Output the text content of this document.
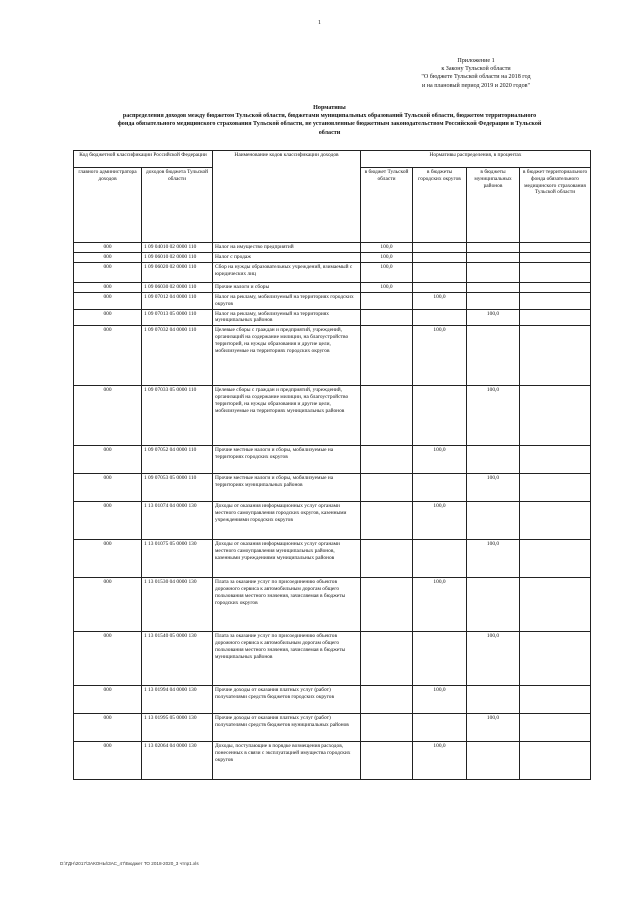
1
Приложение 1
к Закону Тульской области
"О бюджете Тульской области на 2018 год
и на плановый период 2019 и 2020 годов"
Нормативы
распределения доходов между бюджетом Тульской области, бюджетами муниципальных образований Тульской области, бюджетом территориального
фонда обязательного медицинского страхования Тульской области, не установленные бюджетным законодательством Российской Федерации и Тульской
области
Код бюджетной классификации Российской Федерации		Наименование кодов классификации доходов	Нормативы распределения, в процентах			
главного администратора доходов	доходов бюджета Тульской области		в бюджет Тульской области	в бюджеты городских округов	в бюджеты муниципальных районов	в бюджет территориального фонда обязательного медицинского страхования Тульской области
000	1 09 04010 02 0000 110	Налог на имущество предприятий	100,0			
000	1 09 06010 02 0000 110	Налог с продаж	100,0			
000	1 09 06020 02 0000 110	Сбор на нужды образовательных учреждений, взимаемый с юридических лиц	100,0			
000	1 09 06030 02 0000 110	Прочие налоги и сборы	100,0			
000	1 09 07012 04 0000 110	Налог на рекламу, мобилизуемый на территориях городских округов		100,0		
000	1 09 07013 05 0000 110	Налог на рекламу, мобилизуемый на территориях муниципальных районов			100,0	
000	1 09 07032 04 0000 110	Целевые сборы с граждан и предприятий, учреждений, организаций на содержание милиции, на благоустройство территорий, на нужды образования и другие цели, мобилизуемые на территориях городских округов		100,0		
000	1 09 07033 05 0000 110	Целевые сборы с граждан и предприятий, учреждений, организаций на содержание милиции, на благоустройство территорий, на нужды образования и другие цели, мобилизуемые на территориях муниципальных районов			100,0	
000	1 09 07052 04 0000 110	Прочие местные налоги и сборы, мобилизуемые на территориях городских округов		100,0		
000	1 09 07053 05 0000 110	Прочие местные налоги и сборы, мобилизуемые на территориях муниципальных районов			100,0	
000	1 13 01074 04 0000 130	Доходы от оказания информационных услуг органами местного самоуправления городских округов, казенными учреждениями городских округов		100,0		
000	1 13 01075 05 0000 130	Доходы от оказания информационных услуг органами местного самоуправления муниципальных районов, казенными учреждениями муниципальных районов			100,0	
000	1 13 01530 04 0000 130	Плата за оказание услуг по присоединению объектов дорожного сервиса к автомобильным дорогам общего пользования местного значения, зачисляемая в бюджеты городских округов		100,0		
000	1 13 01540 05 0000 130	Плата за оказание услуг по присоединению объектов дорожного сервиса к автомобильным дорогам общего пользования местного значения, зачисляемая в бюджеты муниципальных районов			100,0	
000	1 13 01994 04 0000 130	Прочие доходы от оказания платных услуг (работ) получателями средств бюджетов городских округов		100,0		
000	1 13 01995 05 0000 130	Прочие доходы от оказания платных услуг (работ) получателями средств бюджетов муниципальных районов			100,0	
000	1 13 02064 04 0000 130	Доходы, поступающие в порядке возмещения расходов, понесенных в связи с эксплуатацией имущества городских округов		100,0		
D:\ГДН\2017\ЗАКОНЫ\ЗАС_47\Бюджет ТО 2018-2020_3 чтпр1.xls
